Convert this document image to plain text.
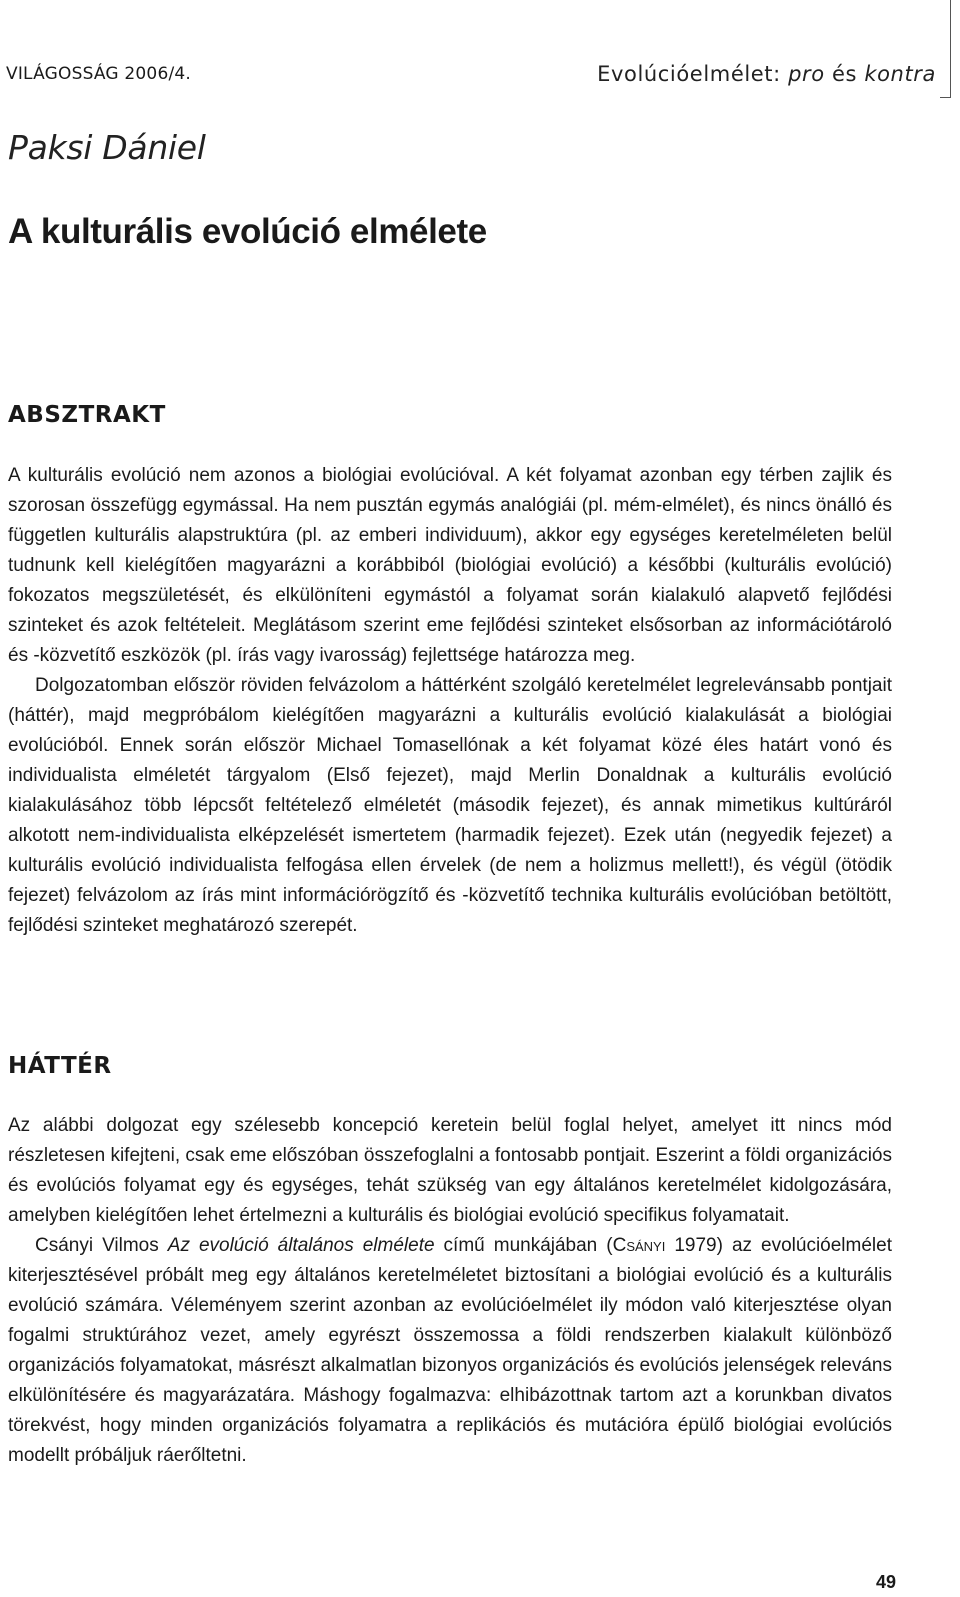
VILÁGOSSÁG 2006/4.	Evolúcióelmélet: pro és kontra
Paksi Dániel
A kulturális evolúció elmélete
ABSZTRAKT

A kulturális evolúció nem azonos a biológiai evolúcióval. A két folyamat azonban egy térben zajlik és szorosan összefügg egymással. Ha nem pusztán egymás analógiái (pl. mém-elmélet), és nincs önálló és független kulturális alapstruktúra (pl. az emberi individuum), akkor egy egységes keretelméleten belül tudnunk kell kielégítően magyarázni a korábbiból (biológiai evolúció) a későbbi (kulturális evolúció) fokozatos megszületését, és elkülöníteni egymástól a folyamat során kialakuló alapvető fejlődési szinteket és azok feltételeit. Meglátásom szerint eme fejlődési szinteket elsősorban az információtároló és -közvetítő eszközök (pl. írás vagy ivarosság) fejlettsége határozza meg.

Dolgozatomban először röviden felvázolom a háttérként szolgáló keretelmélet legrelevánsabb pontjait (háttér), majd megpróbálom kielégítően magyarázni a kulturális evolúció kialakulását a biológiai evolúcióból. Ennek során először Michael Tomasellónak a két folyamat közé éles határt vonó és individualista elméletét tárgyalom (Első fejezet), majd Merlin Donaldnak a kulturális evolúció kialakulásához több lépcsőt feltételező elméletét (második fejezet), és annak mimetikus kultúráról alkotott nem-individualista elképzelését ismertetem (harmadik fejezet). Ezek után (negyedik fejezet) a kulturális evolúció individualista felfogása ellen érvelek (de nem a holizmus mellett!), és végül (ötödik fejezet) felvázolom az írás mint információrögzítő és -közvetítő technika kulturális evolúcióban betöltött, fejlődési szinteket meghatározó szerepét.

HÁTTÉR

Az alábbi dolgozat egy szélesebb koncepció keretein belül foglal helyet, amelyet itt nincs mód részletesen kifejteni, csak eme előszóban összefoglalni a fontosabb pontjait. Eszerint a földi organizációs és evolúciós folyamat egy és egységes, tehát szükség van egy általános keretelmélet kidolgozására, amelyben kielégítően lehet értelmezni a kulturális és biológiai evolúció specifikus folyamatait.

Csányi Vilmos Az evolúció általános elmélete című munkájában (Csányi 1979) az evolúcióelmélet kiterjesztésével próbált meg egy általános keretelméletet biztosítani a biológiai evolúció és a kulturális evolúció számára. Véleményem szerint azonban az evolúcióelmélet ily módon való kiterjesztése olyan fogalmi struktúrához vezet, amely egyrészt összemossa a földi rendszerben kialakult különböző organizációs folyamatokat, másrészt alkalmatlan bizonyos organizációs és evolúciós jelenségek releváns elkülönítésére és magyarázatára. Máshogy fogalmazva: elhibázottnak tartom azt a korunkban divatos törekvést, hogy minden organizációs folyamatra a replikációs és mutációra épülő biológiai evolúciós modellt próbáljuk ráerőltetni.

49
